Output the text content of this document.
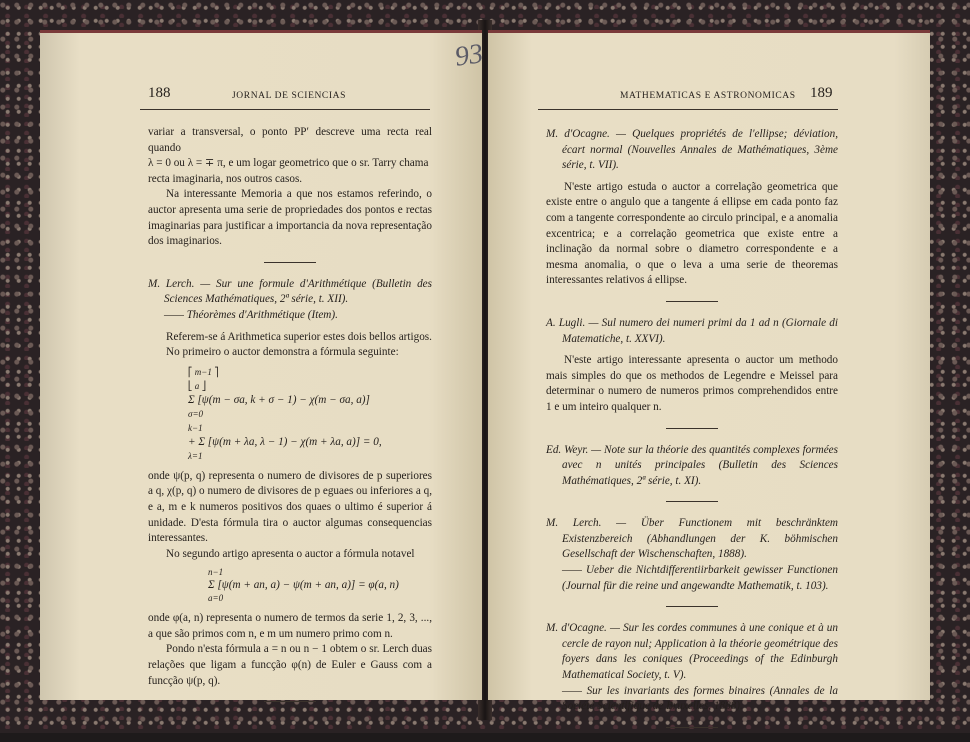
188	JORNAL DE SCIENCIAS

variar a transversal, o ponto PP′ descreve uma recta real quando

λ = 0 ou λ = ∓ π, e um logar geometrico que o sr. Tarry chama

recta imaginaria, nos outros casos.

Na interessante Memoria a que nos estamos referindo, o auctor apresenta uma serie de propriedades dos pontos e rectas imaginarias para justificar a importancia da nova representação dos imaginarios.

M. Lerch. — Sur une formule d'Arithmétique (Bulletin des Sciences Mathématiques, 2ª série, t. XII).

—— Théorèmes d'Arithmétique (Item).

Referem-se á Arithmetica superior estes dois bellos artigos.

No primeiro o auctor demonstra a fórmula seguinte:

⎡ m−1 ⎤
⎣ a ⎦
Σ [ψ(m − σa, k + σ − 1) − χ(m − σa, a)]
σ=0
k−1
+ Σ [ψ(m + λa, λ − 1) − χ(m + λa, a)] = 0,
λ=1

onde ψ(p, q) representa o numero de divisores de p superiores a q, χ(p, q) o numero de divisores de p eguaes ou inferiores a q, e a, m e k numeros positivos dos quaes o ultimo é superior á unidade. D'esta fórmula tira o auctor algumas consequencias interessantes.

No segundo artigo apresenta o auctor a fórmula notavel

n−1
Σ [ψ(m + an, a) − ψ(m + an, a)] = φ(a, n)
a=0

onde φ(a, n) representa o numero de termos da serie 1, 2, 3, ..., a que são primos com n, e m um numero primo com n.

Pondo n'esta fórmula a = n ou n − 1 obtem o sr. Lerch duas relações que ligam a funcção φ(n) de Euler e Gauss com a funcção ψ(p, q).

93
MATHEMATICAS E ASTRONOMICAS 189

M. d'Ocagne. — Quelques propriétés de l'ellipse; déviation, écart normal (Nouvelles Annales de Mathématiques, 3ème série, t. VII).

N'este artigo estuda o auctor a correlação geometrica que existe entre o angulo que a tangente á ellipse em cada ponto faz com a tangente correspondente ao circulo principal, e a anomalia excentrica; e a correlação geometrica que existe entre a inclinação da normal sobre o diametro correspondente e a mesma anomalia, o que o leva a uma serie de theoremas interessantes relativos á ellipse.

A. Lugli. — Sul numero dei numeri primi da 1 ad n (Giornale di Matematiche, t. XXVI).

N'este artigo interessante apresenta o auctor um methodo mais simples do que os methodos de Legendre e Meissel para determinar o numero de numeros primos comprehendidos entre 1 e um inteiro qualquer n.

Ed. Weyr. — Note sur la théorie des quantités complexes formées avec n unités principales (Bulletin des Sciences Mathématiques, 2ª série, t. XI).

M. Lerch. — Über Functionem mit beschränktem Existenzbereich (Abhandlungen der K. böhmischen Gesellschaft der Wischenschaften, 1888).

—— Ueber die Nichtdifferentiirbarkeit gewisser Functionen (Journal für die reine und angewandte Mathematik, t. 103).

M. d'Ocagne. — Sur les cordes communes à une conique et à un cercle de rayon nul; Application à la théorie geométrique des foyers dans les coniques (Proceedings of the Edinburgh Mathematical Society, t. V).

—— Sur les invariants des formes binaires (Annales de la Société Scientifique de Bruxelles, 1888).
